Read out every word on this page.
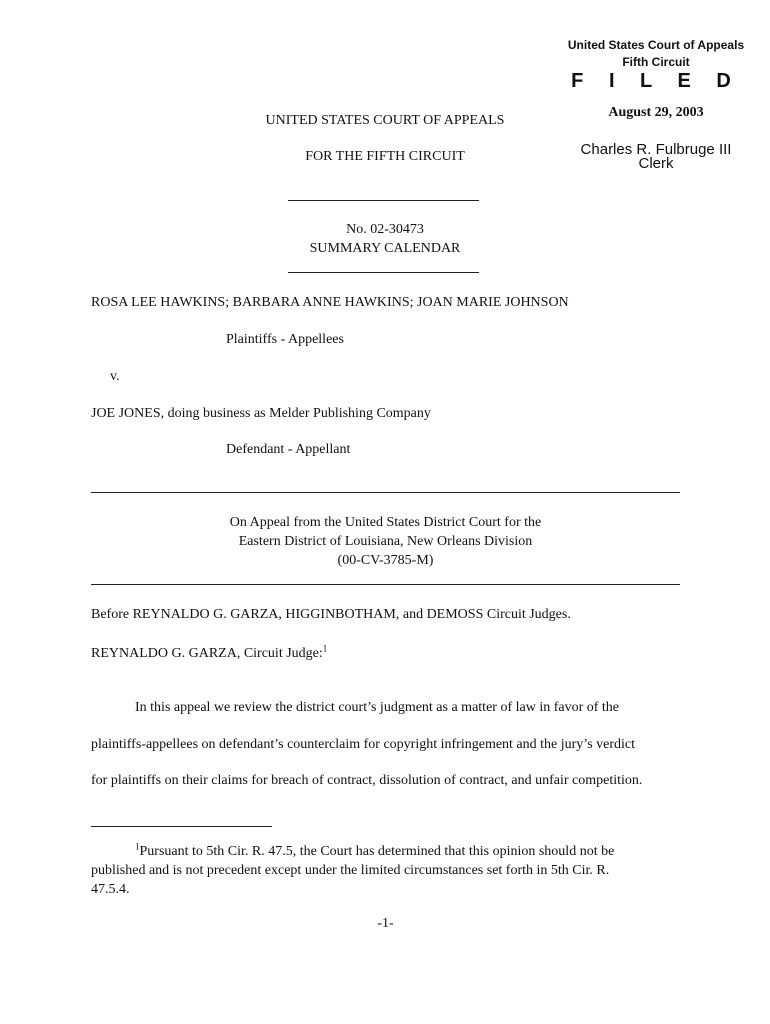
United States Court of Appeals
Fifth Circuit
F I L E D
August 29, 2003
Charles R. Fulbruge III
Clerk
UNITED STATES COURT OF APPEALS
FOR THE FIFTH CIRCUIT
No. 02-30473
SUMMARY CALENDAR
ROSA LEE HAWKINS; BARBARA ANNE HAWKINS; JOAN MARIE JOHNSON
Plaintiffs - Appellees
v.
JOE JONES, doing business as Melder Publishing Company
Defendant - Appellant
On Appeal from the United States District Court for the
Eastern District of Louisiana, New Orleans Division
(00-CV-3785-M)
Before REYNALDO G. GARZA, HIGGINBOTHAM, and DEMOSS Circuit Judges.
REYNALDO G. GARZA, Circuit Judge:$^1$
In this appeal we review the district court’s judgment as a matter of law in favor of the
plaintiffs-appellees on defendant’s counterclaim for copyright infringement and the jury’s verdict
for plaintiffs on their claims for breach of contract, dissolution of contract, and unfair competition.
$^1$Pursuant to 5th Cir. R. 47.5, the Court has determined that this opinion should not be
published and is not precedent except under the limited circumstances set forth in 5th Cir. R.
47.5.4.
-1-
